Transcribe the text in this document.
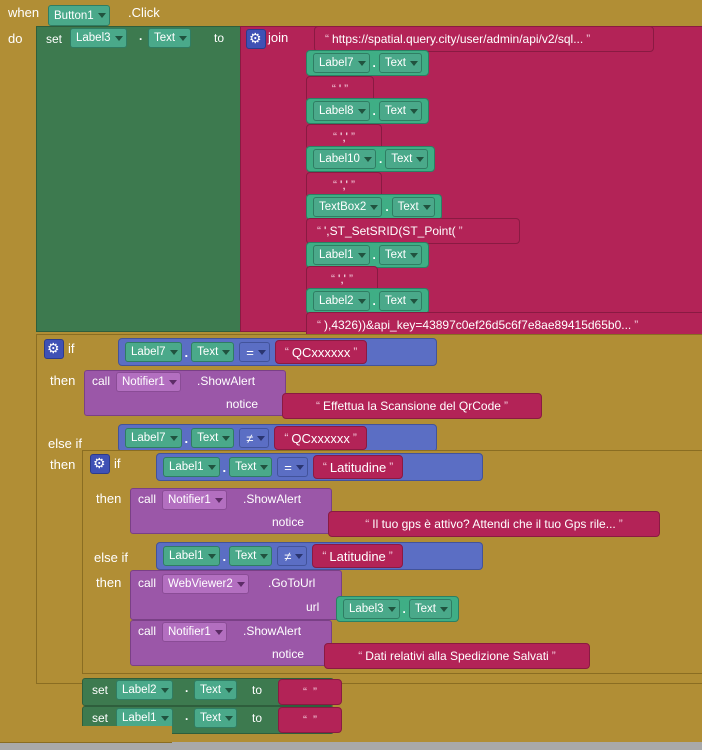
when Button1	.Click
do set Label3 . Text	to ⚙	join	“ https://spatial.query.city/user/admin/api/v2/sql... ”
Label7 . Text
“ ' ”
Label8 . Text
“ ',' ”
Label10 . Text
“ ',' ”
TextBox2 . Text
“ ',ST_SetSRID(ST_Point( ”
Label1 . Text
“ ',' ”
Label2 . Text
“ ),4326))&api_key=43897c0ef26d5c6f7e8ae89415d65b0... ”
⚙
if	Label7 . Text =	“ QCxxxxxx ”
then call Notifier1	.ShowAlert
notice	“ Effettua la Scansione del QrCode ”
else if	Label7 . Text ≠	“ QCxxxxxx ”
then ⚙	if	Label1 . Text =	“ Latitudine ”
then call Notifier1	.ShowAlert
notice	“ Il tuo gps è attivo? Attendi che il tuo Gps rile... ”
else if	Label1 . Text ≠	“ Latitudine ”
then call WebViewer2	.GoToUrl
url	Label3 . Text
call Notifier1	.ShowAlert
notice	“ Dati relativi alla Spedizione Salvati ”
set Label2 . Text	to	“ ”
set Label1 . Text	to	“ ”
